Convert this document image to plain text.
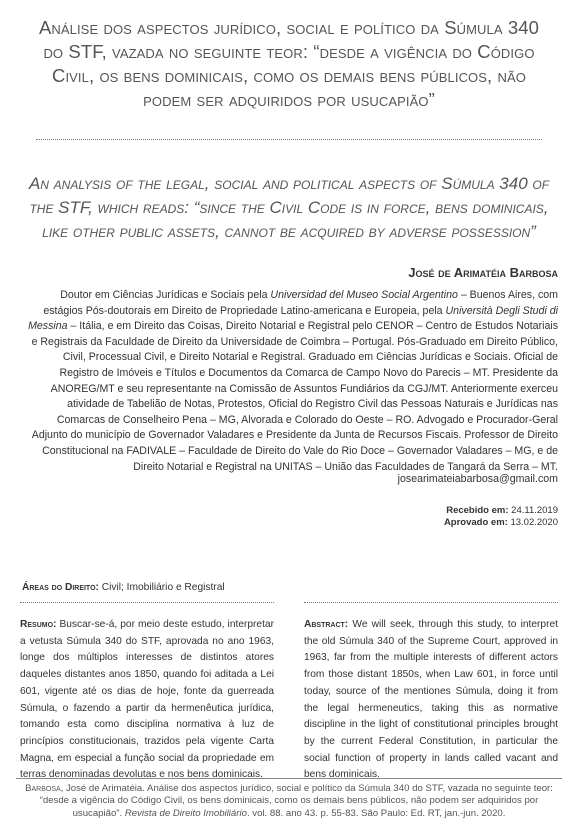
Análise dos aspectos jurídico, social e político da Súmula 340 do STF, vazada no seguinte teor: “desde a vigência do Código Civil, os bens dominicais, como os demais bens públicos, não podem ser adquiridos por usucapião”
An analysis of the legal, social and political aspects of Súmula 340 of the STF, which reads: “since the Civil Code is in force, bens dominicais, like other public assets, cannot be acquired by adverse possession”
José de Arimatéia Barbosa
Doutor em Ciências Jurídicas e Sociais pela Universidad del Museo Social Argentino – Buenos Aires, com estágios Pós-doutorais em Direito de Propriedade Latino-americana e Europeia, pela Università Degli Studi di Messina – Itália, e em Direito das Coisas, Direito Notarial e Registral pelo CENOR – Centro de Estudos Notariais e Registrais da Faculdade de Direito da Universidade de Coimbra – Portugal. Pós-Graduado em Direito Público, Civil, Processual Civil, e Direito Notarial e Registral. Graduado em Ciências Jurídicas e Sociais. Oficial de Registro de Imóveis e Títulos e Documentos da Comarca de Campo Novo do Parecis – MT. Presidente da ANOREG/MT e seu representante na Comissão de Assuntos Fundiários da CGJ/MT. Anteriormente exerceu atividade de Tabelião de Notas, Protestos, Oficial do Registro Civil das Pessoas Naturais e Jurídicas nas Comarcas de Conselheiro Pena – MG, Alvorada e Colorado do Oeste – RO. Advogado e Procurador-Geral Adjunto do município de Governador Valadares e Presidente da Junta de Recursos Fiscais. Professor de Direito Constitucional na FADIVALE – Faculdade de Direito do Vale do Rio Doce – Governador Valadares – MG, e de Direito Notarial e Registral na UNITAS – União das Faculdades de Tangará da Serra – MT.
josearimateiabarbosa@gmail.com
Recebido em: 24.11.2019
Aprovado em: 13.02.2020
Áreas do Direito: Civil; Imobiliário e Registral
Resumo: Buscar-se-á, por meio deste estudo, interpretar a vetusta Súmula 340 do STF, aprovada no ano 1963, longe dos múltiplos interesses de distintos atores daqueles distantes anos 1850, quando foi aditada a Lei 601, vigente até os dias de hoje, fonte da guerreada Súmula, o fazendo a partir da hermenêutica jurídica, tomando esta como disciplina normativa à luz de princípios constitucionais, trazidos pela vigente Carta Magna, em especial a função social da propriedade em terras denominadas devolutas e nos bens dominicais.
Abstract: We will seek, through this study, to interpret the old Súmula 340 of the Supreme Court, approved in 1963, far from the multiple interests of different actors from those distant 1850s, when Law 601, in force until today, source of the mentiones Súmula, doing it from the legal hermeneutics, taking this as normative discipline in the light of constitutional principles brought by the current Federal Constitution, in particular the social function of property in lands called vacant and bens dominicais.
Barbosa, José de Arimatéia. Análise dos aspectos jurídico, social e político da Súmula 340 do STF, vazada no seguinte teor: “desde a vigência do Código Civil, os bens dominicais, como os demais bens públicos, não podem ser adquiridos por usucapião”. Revista de Direito Imobiliário. vol. 88. ano 43. p. 55-83. São Paulo: Ed. RT, jan.-jun. 2020.
